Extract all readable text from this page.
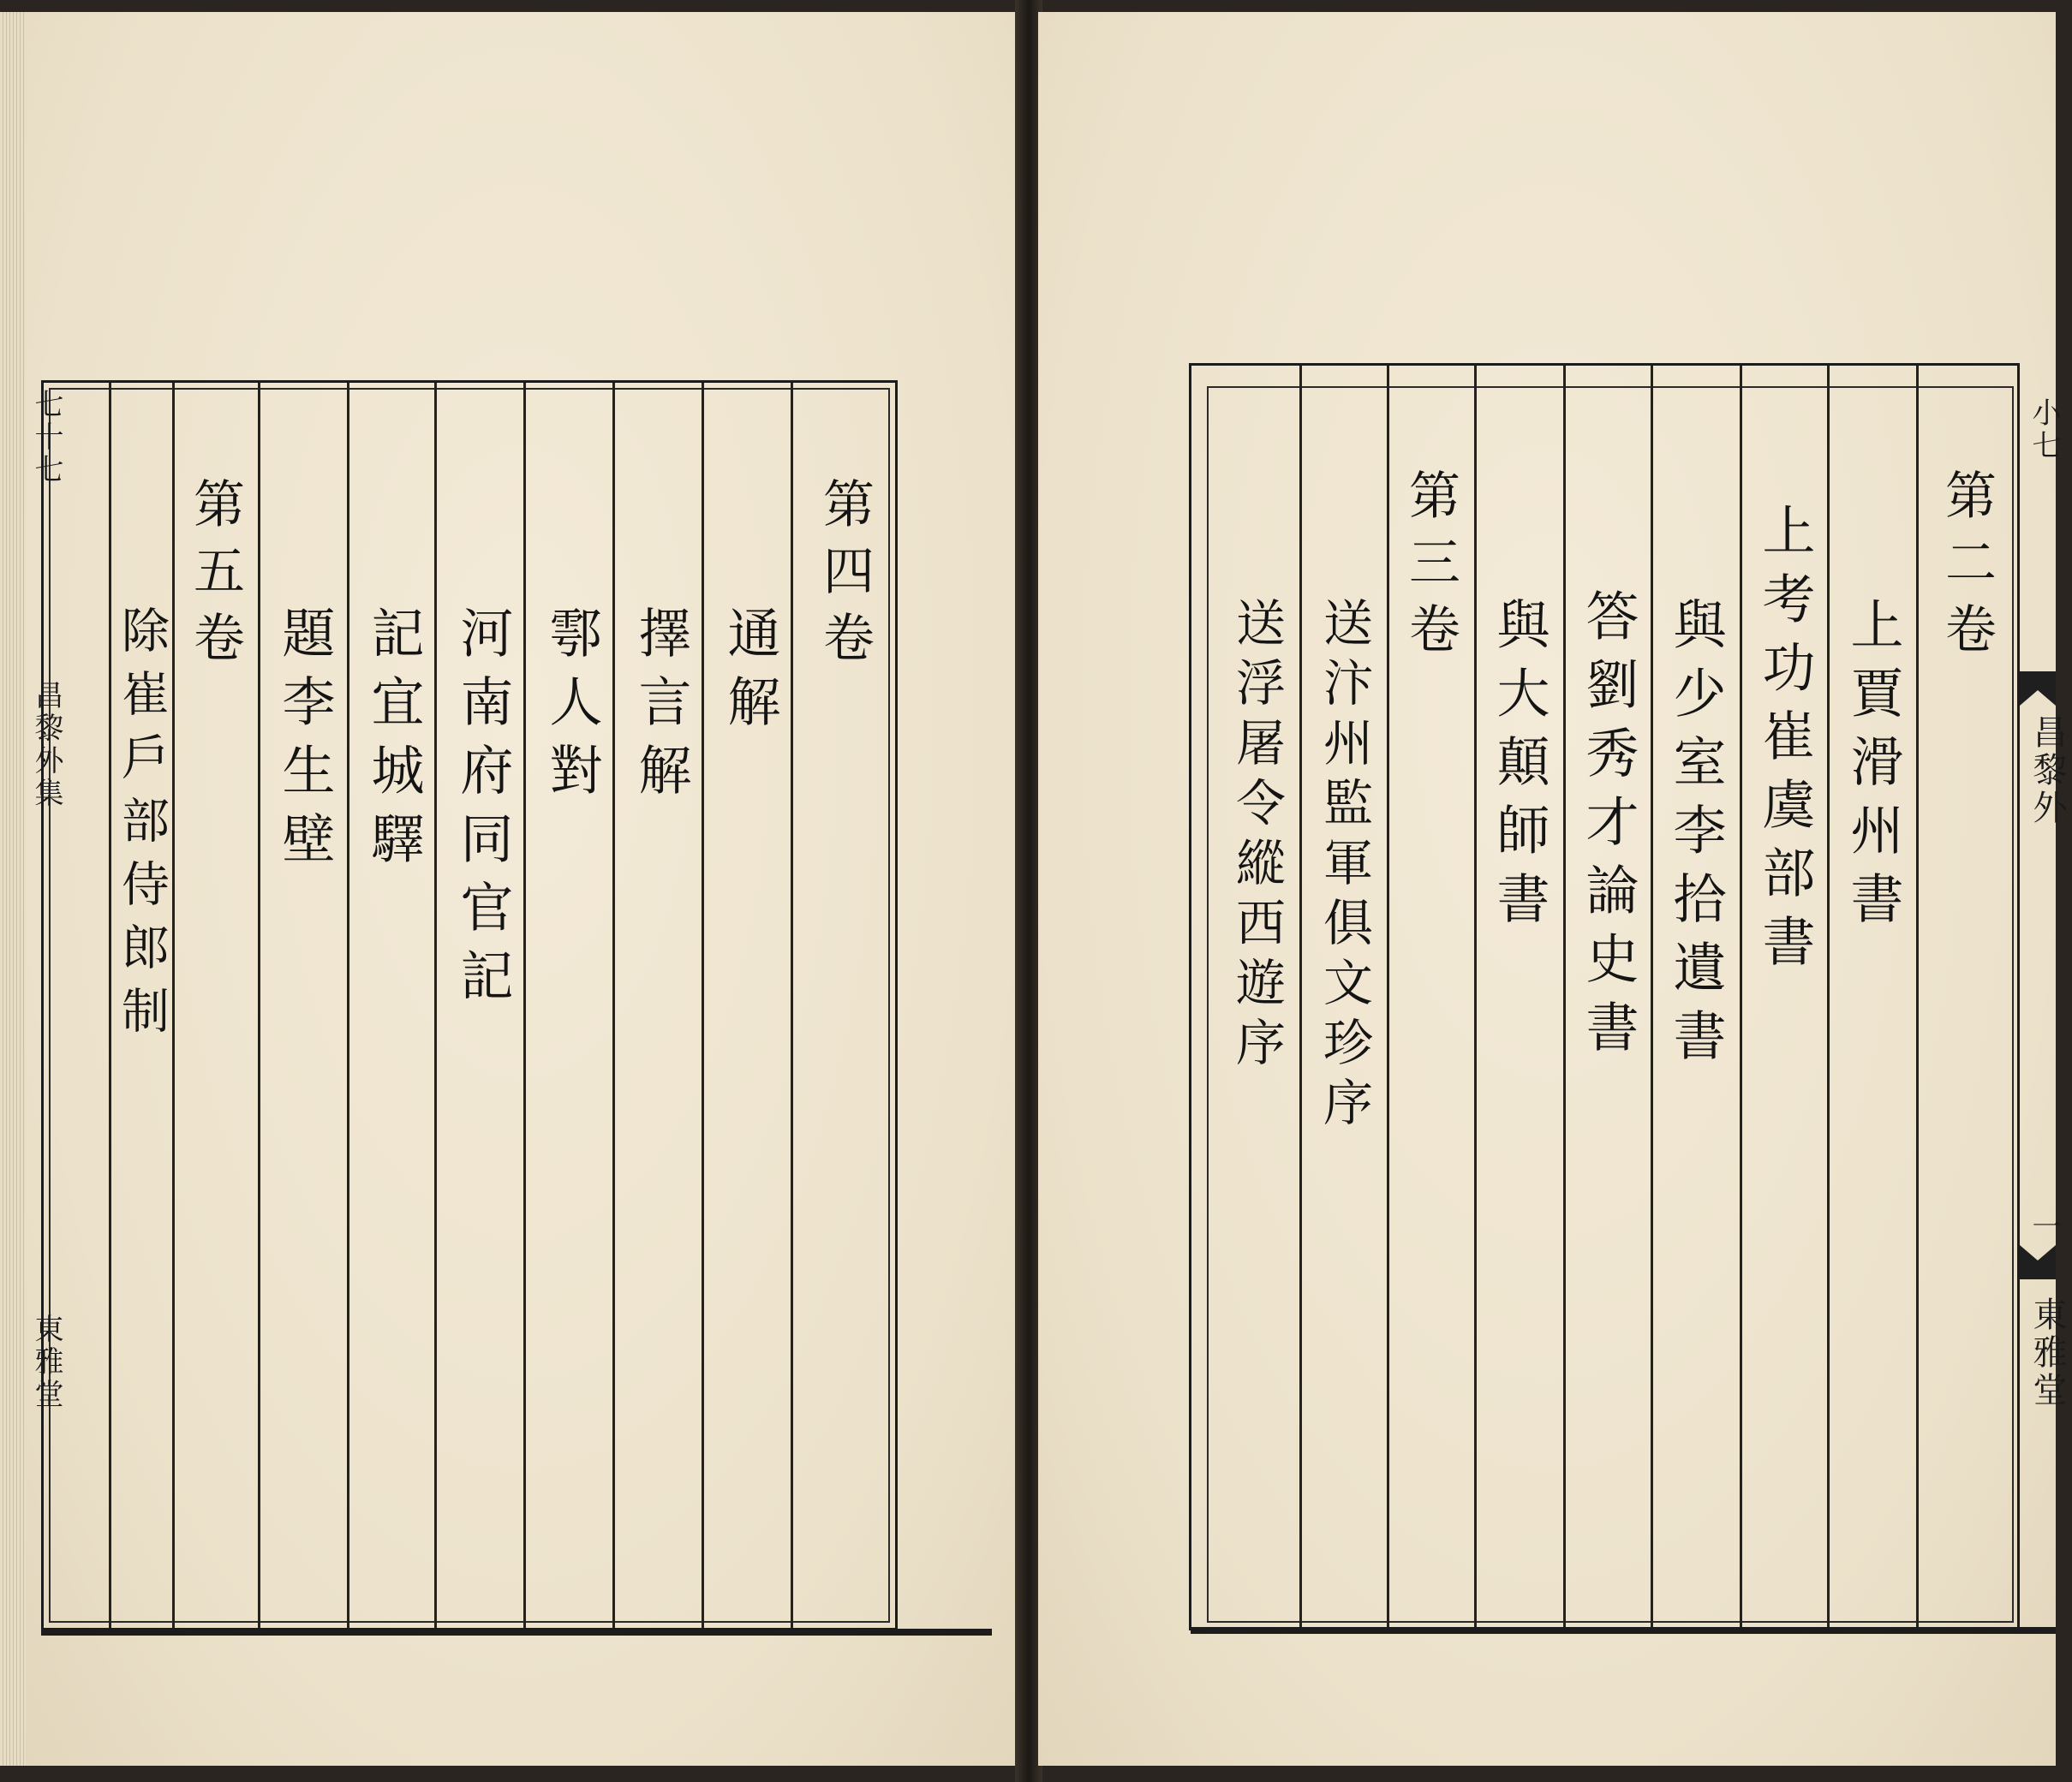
第四卷
通解
擇言解
鄠人對
河南府同官記
記宜城驛
題李生壁
第五卷
除崔戶部侍郎制
七十七
昌黎外集
東雅堂
第二卷
上賈滑州書
上考功崔虞部書
與少室李拾遺書
答劉秀才論史書
與大顛師書
第三卷
送汴州監軍俱文珍序
送浮屠令縱西遊序
小七
昌黎外
一
東雅堂
